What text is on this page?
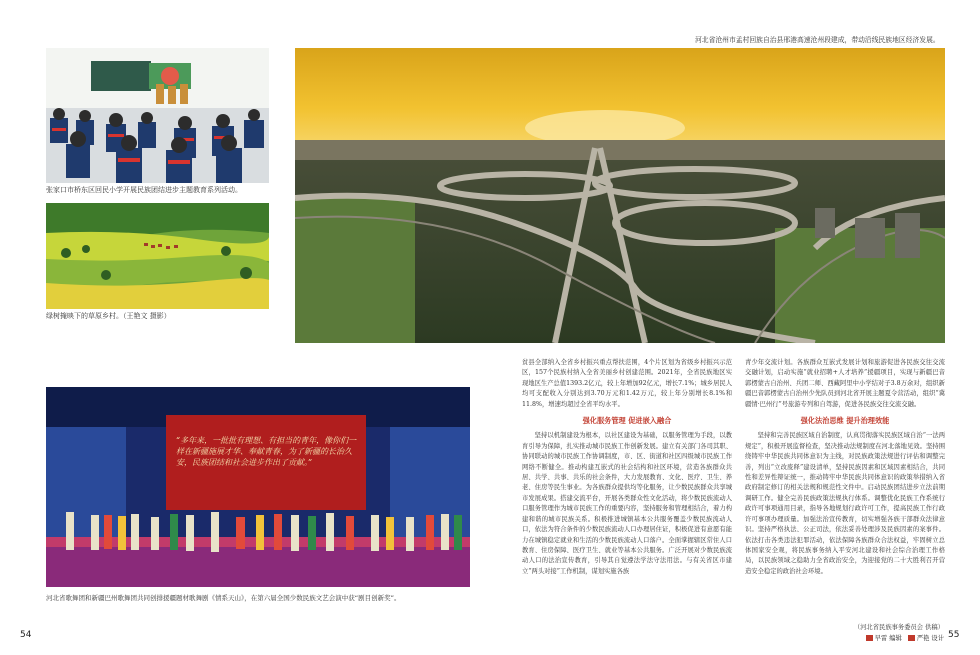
河北省沧州市孟村回族自治县邢港高速沧州段建成，带动沿线民族地区经济发展。
张家口市桥东区回民小学开展民族团结进步主题教育系列活动。
绿树掩映下的草原乡村。（王艳文 摄影）
“多年来，一批批有理想、有担当的青年，像你们一样在新疆施展才华、奉献青春，为了新疆的长治久安，民族团结和社会进步作出了贡献。”
河北省歌舞团和新疆巴州歌舞团共同创排援疆题材歌舞剧《情系天山》，在第六届全国少数民族文艺会演中获“剧目创新奖”。

贫县全部纳入全省乡村振兴重点帮扶范围，4个片区划为省级乡村振兴示范区，157个民族村纳入全省美丽乡村创建范围。2021年，全省民族地区实现地区生产总值1393.2亿元，较上年增加92亿元，增长7.1%；城乡居民人均可支配收入分别达到3.70万元和1.42万元，较上年分别增长8.1%和11.8%，增速均超过全省平均水平。

强化服务管理 促进嵌入融合

坚持以机制建设为根本，以社区建设为基础，以服务管理为手段，以教育引导为保障，扎实推动城市民族工作创新发展。建立有关部门各司其职、协同联动的城市民族工作协调制度，市、区、街道和社区四级城市民族工作网络不断健全。推动构建互嵌式的社会结构和社区环境，营造各族群众共居、共学、共事、共乐的社会条件，大力发展教育、文化、医疗、卫生、养老、住房等民生事业。为各族群众提供均等化服务，让少数民族群众共享城市发展成果。搭建交流平台，开展各类群众性文化活动，将少数民族流动人口服务管理作为城市民族工作的重要内容，坚持服务和管理相结合，着力构建和谐的城市民族关系。积极推进城镇基本公共服务覆盖少数民族流动人口，依法为符合条件的少数民族流动人口办理居住证，积极促进有意愿有能力在城镇稳定就业和生活的少数民族流动人口落户。全面掌握辖区常住人口教育、住房保障、医疗卫生、就业等基本公共服务。广泛开展对少数民族流动人口的法治宣传教育，引导其自觉遵法学法守法用法。与有关省区市建立“两头对接”工作机制，谋划实施各族

青少年交流计划。各族群众互嵌式发展计划和旅游促进各民族交往交流交融计划，启动实施“就业招聘+人才培养”援疆项目，实现与新疆巴音郭楞蒙古自治州、兵团二师、西藏阿里中小学结对子3.8万余对，组织新疆巴音郭楞蒙古自治州少先队员到河北省开展主题夏令营活动，组织“冀疆情·巴州行”号旅游专列和自驾游，促进各民族交往交流交融。

强化法治思维 提升治理效能

坚持和完善民族区域自治制度，认真贯彻落实民族区域自治“一法两规定”，积极开展监督检查，坚决推动法规制度在河北落地见效。坚持围绕铸牢中华民族共同体意识为主线，对民族政策法规进行评估和调整完善，列出“立改废释”建设清单，坚持民族因素和区域因素相结合，共同性和差异性辩证统一，推动铸牢中华民族共同体意识的政策举措纳入省政府制定修订的相关法规和规范性文件中。启动民族团结进步立法前期调研工作。健全完善民族政策法规执行体系。调整优化民族工作系统行政许可事项通用目录，指导各地规划行政许可工作，提高民族工作行政许可事项办理质量。加强法治宣传教育，切实增强各族干部群众法律意识。坚持严格执法、公正司法，依法妥善处理涉及民族因素的案事件。依法打击各类违法犯罪活动，依法保障各族群众合法权益，牢固树立总体国家安全观，将民族事务纳入平安河北建设和社会综合治理工作格局，以民族领域之稳助力全省政治安全，为迎接党的二十大胜利召开营造安全稳定的政治社会环境。

（河北省民族事务委员会 供稿）
早雷 编辑 严艳 设计
54	55
